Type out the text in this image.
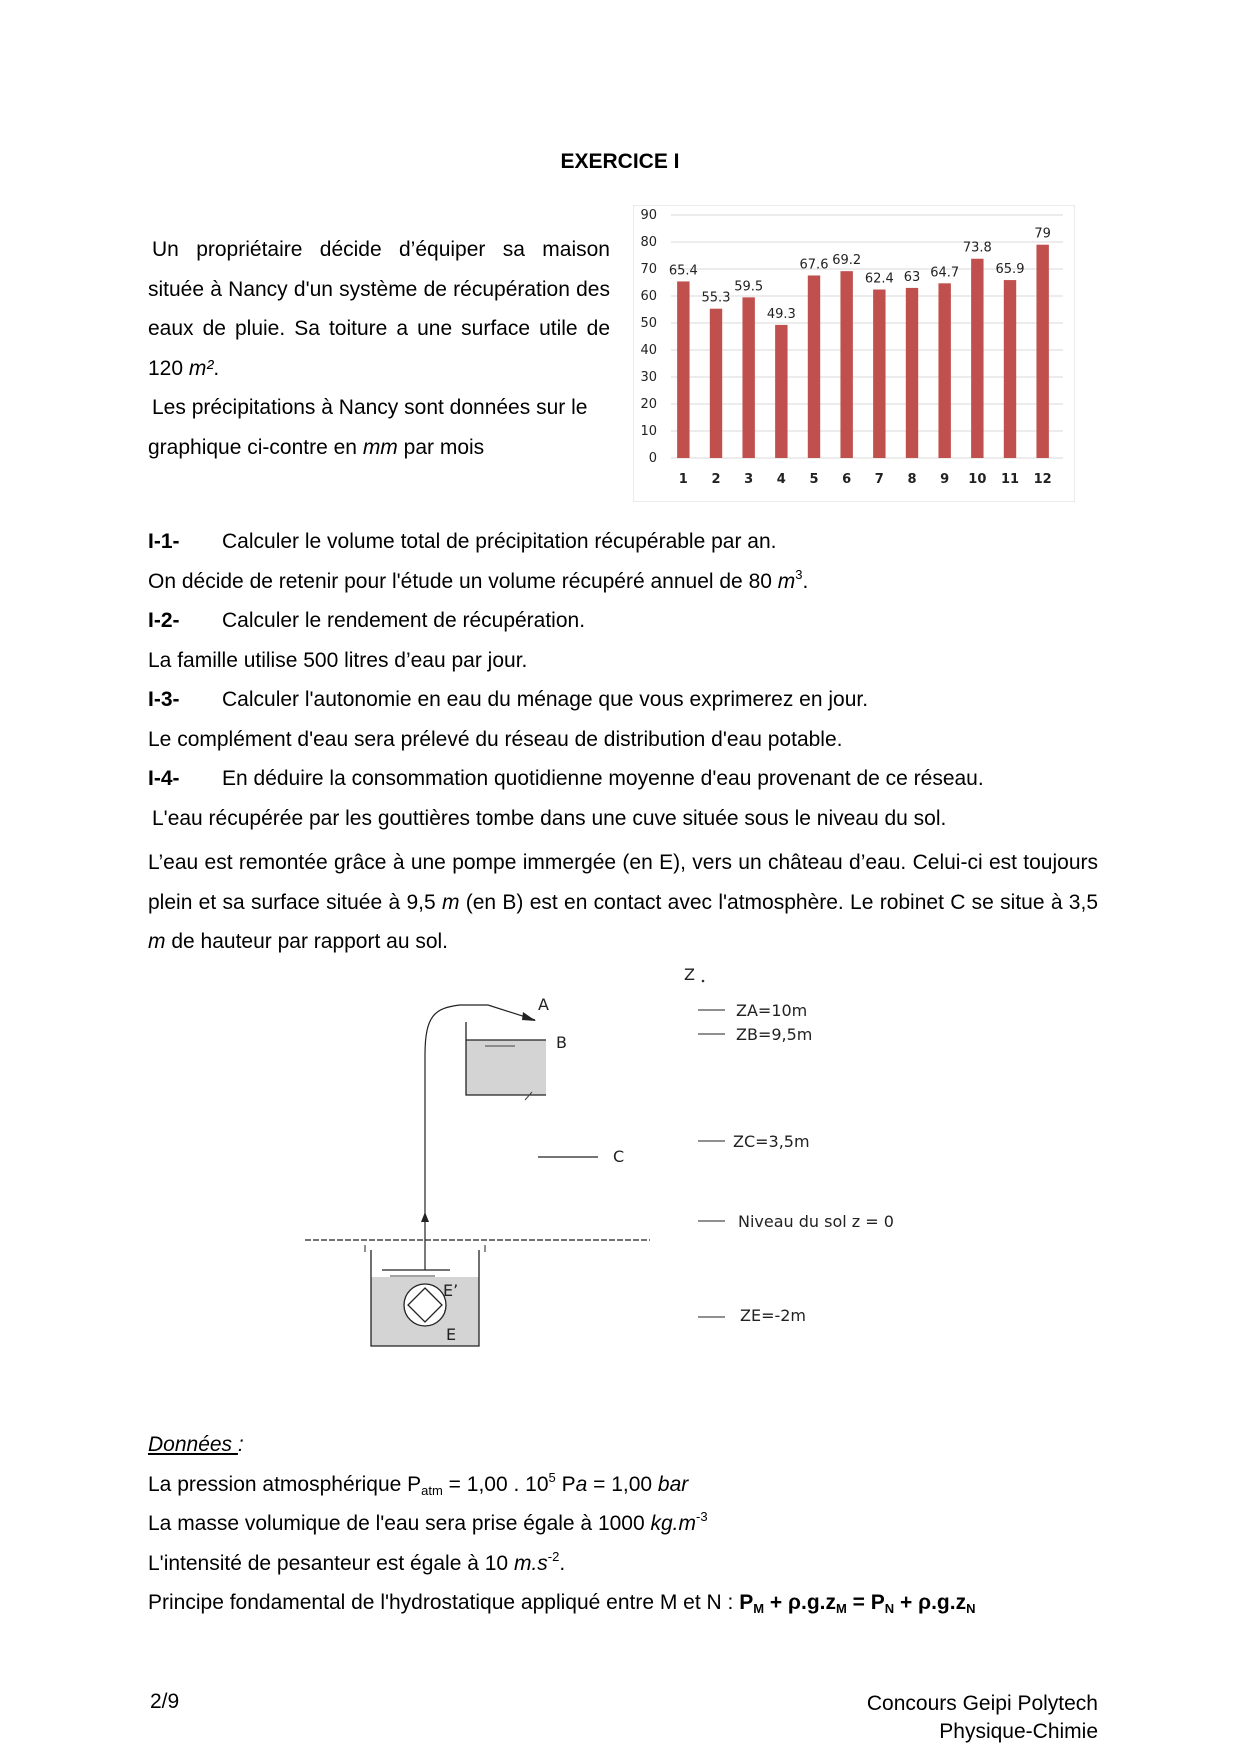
EXERCICE I

Un propriétaire décide d’équiper sa maison située à Nancy d'un système de récupération des eaux de pluie. Sa toiture a une surface utile de 120 m².

Les précipitations à Nancy sont données sur le graphique ci-contre en mm par mois	0
10
20
30
40
50
60
70
80
90
65.4
55.3
59.5
49.3
67.6 69.2
62.4 63 64.7
73.8
65.9
79
1 2 3 4 5 6 7 8 9 10 11 12
I-1- Calculer le volume total de précipitation récupérable par an.
On décide de retenir pour l'étude un volume récupéré annuel de 80 $m^3$.
I-2- Calculer le rendement de récupération.
La famille utilise 500 litres d’eau par jour.
I-3- Calculer l'autonomie en eau du ménage que vous exprimerez en jour.
Le complément d'eau sera prélevé du réseau de distribution d'eau potable.
I-4- En déduire la consommation quotidienne moyenne d'eau provenant de ce réseau.
L'eau récupérée par les gouttières tombe dans une cuve située sous le niveau du sol.

L’eau est remontée grâce à une pompe immergée (en E), vers un château d’eau. Celui-ci est toujours plein et sa surface située à 9,5 m (en B) est en contact avec l'atmosphère. Le robinet C se situe à 3,5 m de hauteur par rapport au sol.

Z
A
B
C
E’
E
ZA=10m
ZB=9,5m
ZC=3,5m
Niveau du sol z = 0
ZE=-2m

Données :

La pression atmosphérique $P_{atm} = 1,00$ . $10^5$ Pa = 1,00 bar

La masse volumique de l'eau sera prise égale à 1000 $kg.m^{-3}$

L'intensité de pesanteur est égale à 10 $m.s^{-2}$.

Principe fondamental de l'hydrostatique appliqué entre M et N : $P_M + \rho.g.z_M = P_N + \rho.g.z_N$

2/9	Concours Geipi Polytech
Physique-Chimie
